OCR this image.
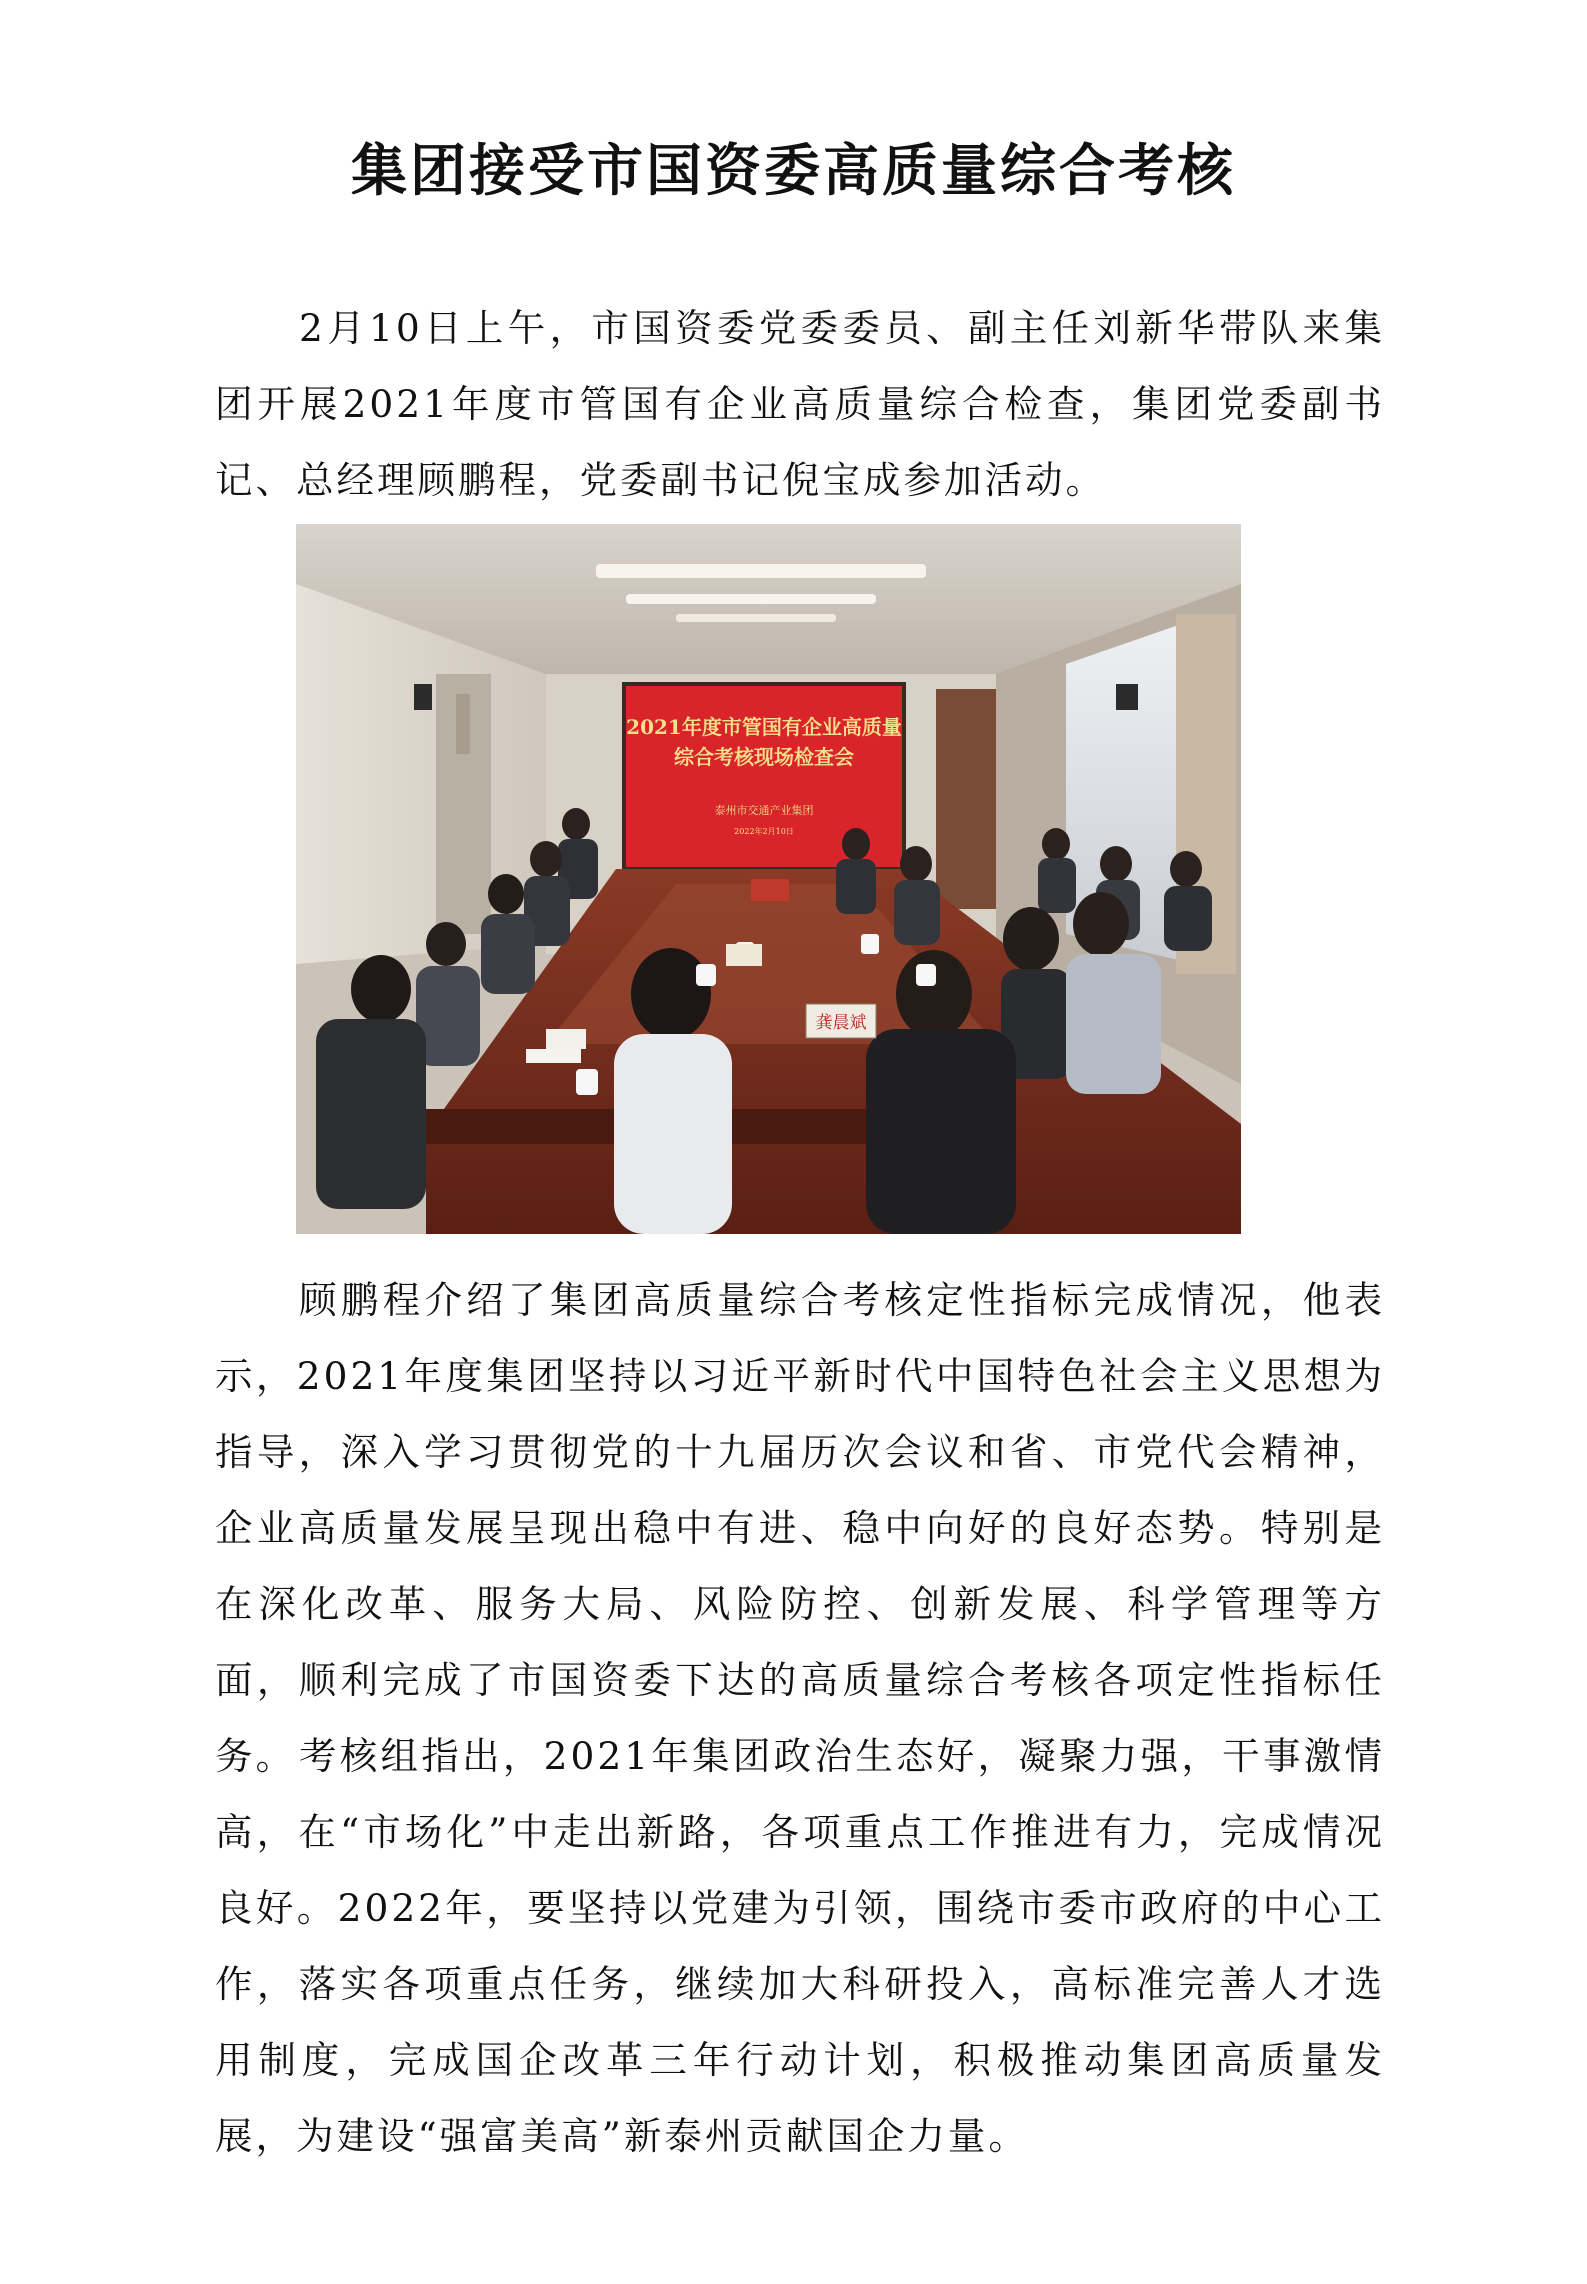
集团接受市国资委高质量综合考核

2月10日上午，市国资委党委委员、副主任刘新华带队来集团开展2021年度市管国有企业高质量综合检查，集团党委副书记、总经理顾鹏程，党委副书记倪宝成参加活动。

2021年度市管国有企业高质量
综合考核现场检查会
泰州市交通产业集团
2022年2月10日
龚晨斌

顾鹏程介绍了集团高质量综合考核定性指标完成情况，他表示，2021年度集团坚持以习近平新时代中国特色社会主义思想为指导，深入学习贯彻党的十九届历次会议和省、市党代会精神，企业高质量发展呈现出稳中有进、稳中向好的良好态势。特别是在深化改革、服务大局、风险防控、创新发展、科学管理等方面，顺利完成了市国资委下达的高质量综合考核各项定性指标任务。 考核组指出，2021年集团政治生态好，凝聚力强，干事激情高，在“市场化”中走出新路，各项重点工作推进有力，完成情况良好。2022年，要坚持以党建为引领，围绕市委市政府的中心工作，落实各项重点任务，继续加大科研投入，高标准完善人才选用制度，完成国企改革三年行动计划，积极推动集团高质量发展，为建设“强富美高”新泰州贡献国企力量。
